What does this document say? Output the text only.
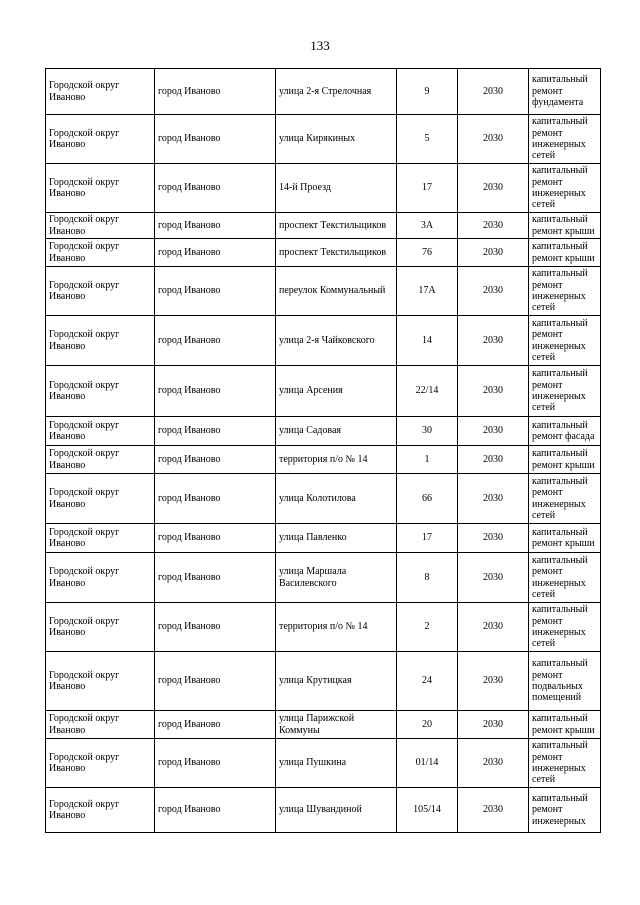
133
Городской округ Иваново	город Иваново	улица 2-я Стрелочная	9	2030	капитальный ремонт фундамента
Городской округ Иваново	город Иваново	улица Кирякиных	5	2030	капитальный ремонт инженерных сетей
Городской округ Иваново	город Иваново	14-й Проезд	17	2030	капитальный ремонт инженерных сетей
Городской округ Иваново	город Иваново	проспект Текстильщиков	3А	2030	капитальный ремонт крыши
Городской округ Иваново	город Иваново	проспект Текстильщиков	76	2030	капитальный ремонт крыши
Городской округ Иваново	город Иваново	переулок Коммунальный	17А	2030	капитальный ремонт инженерных сетей
Городской округ Иваново	город Иваново	улица 2-я Чайковского	14	2030	капитальный ремонт инженерных сетей
Городской округ Иваново	город Иваново	улица Арсения	22/14	2030	капитальный ремонт инженерных сетей
Городской округ Иваново	город Иваново	улица Садовая	30	2030	капитальный ремонт фасада
Городской округ Иваново	город Иваново	территория п/о № 14	1	2030	капитальный ремонт крыши
Городской округ Иваново	город Иваново	улица Колотилова	66	2030	капитальный ремонт инженерных сетей
Городской округ Иваново	город Иваново	улица Павленко	17	2030	капитальный ремонт крыши
Городской округ Иваново	город Иваново	улица Маршала Василевского	8	2030	капитальный ремонт инженерных сетей
Городской округ Иваново	город Иваново	территория п/о № 14	2	2030	капитальный ремонт инженерных сетей
Городской округ Иваново	город Иваново	улица Крутицкая	24	2030	капитальный ремонт подвальных помещений
Городской округ Иваново	город Иваново	улица Парижской Коммуны	20	2030	капитальный ремонт крыши
Городской округ Иваново	город Иваново	улица Пушкина	01/14	2030	капитальный ремонт инженерных сетей
Городской округ Иваново	город Иваново	улица Шувандиной	105/14	2030	капитальный ремонт инженерных
